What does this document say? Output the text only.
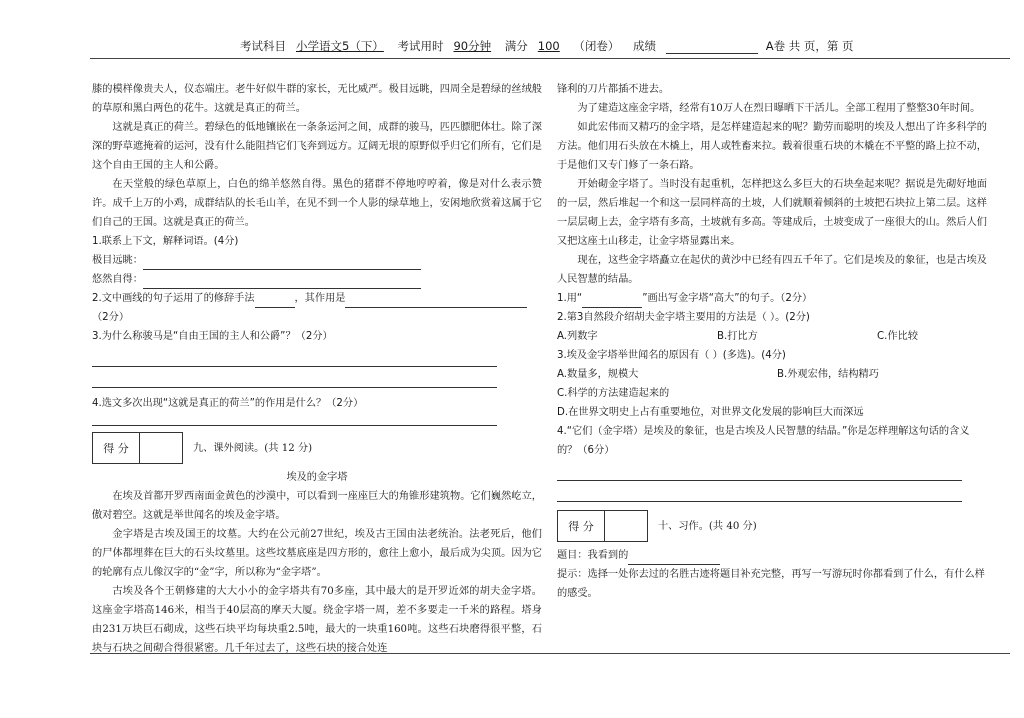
考试科目 小学语文5（下） 考试用时 90分钟 满分 100 （闭卷） 成绩	A卷 共 页，第 页

膝的模样像贵夫人，仪态端庄。老牛好似牛群的家长，无比威严。极目远眺，四周全是碧绿的丝绒般的草原和黑白两色的花牛。这就是真正的荷兰。

这就是真正的荷兰。碧绿色的低地镶嵌在一条条运河之间，成群的骏马，匹匹膘肥体壮。除了深深的野草遮掩着的运河，没有什么能阻挡它们飞奔到远方。辽阔无垠的原野似乎归它们所有，它们是这个自由王国的主人和公爵。

在天堂般的绿色草原上，白色的绵羊悠然自得。黑色的猪群不停地哼哼着，像是对什么表示赞许。成千上万的小鸡，成群结队的长毛山羊，在见不到一个人影的绿草地上，安闲地欣赏着这属于它们自己的王国。这就是真正的荷兰。

1.联系上下文，解释词语。(4分)

极目远眺：

悠然自得：

2.文中画线的句子运用了的修辞手法	，其作用是

（2分）

3.为什么称骏马是“自由王国的主人和公爵”？（2分）

4.选文多次出现“这就是真正的荷兰”的作用是什么？（2分）

得 分		九、课外阅读。(共 12 分)

埃及的金字塔

在埃及首都开罗西南面金黄色的沙漠中，可以看到一座座巨大的角锥形建筑物。它们巍然屹立，傲对碧空。这就是举世闻名的埃及金字塔。

金字塔是古埃及国王的坟墓。大约在公元前27世纪，埃及古王国由法老统治。法老死后，他们的尸体都埋葬在巨大的石头坟墓里。这些坟墓底座是四方形的，愈往上愈小，最后成为尖顶。因为它的轮廓有点儿像汉字的“金”字，所以称为“金字塔”。

古埃及各个王朝修建的大大小小的金字塔共有70多座，其中最大的是开罗近郊的胡夫金字塔。这座金字塔高146米，相当于40层高的摩天大厦。绕金字塔一周，差不多要走一千米的路程。塔身由231万块巨石砌成，这些石块平均每块重2.5吨，最大的一块重160吨。这些石块磨得很平整，石块与石块之间砌合得很紧密。几千年过去了，这些石块的接合处连

锋利的刀片都插不进去。

为了建造这座金字塔，经常有10万人在烈日曝晒下干活儿。全部工程用了整整30年时间。

如此宏伟而又精巧的金字塔，是怎样建造起来的呢？勤劳而聪明的埃及人想出了许多科学的方法。他们用石头放在木橇上，用人或牲畜来拉。载着很重石块的木橇在不平整的路上拉不动，于是他们又专门修了一条石路。

开始砌金字塔了。当时没有起重机，怎样把这么多巨大的石块垒起来呢？据说是先砌好地面的一层，然后堆起一个和这一层同样高的土坡，人们就顺着倾斜的土坡把石块拉上第二层。这样一层层砌上去，金字塔有多高，土坡就有多高。等建成后，土坡变成了一座很大的山。然后人们又把这座土山移走，让金字塔显露出来。

现在，这些金字塔矗立在起伏的黄沙中已经有四五千年了。它们是埃及的象征，也是古埃及人民智慧的结晶。

1.用“	”画出写金字塔“高大”的句子。（2分）

2.第3自然段介绍胡夫金字塔主要用的方法是（ ）。(2分)

A.列数字	B.打比方	C.作比较

3.埃及金字塔举世闻名的原因有（ ）(多选)。(4分)

A.数量多，规模大	B.外观宏伟，结构精巧

C.科学的方法建造起来的

D.在世界文明史上占有重要地位，对世界文化发展的影响巨大而深远

4.“它们（金字塔）是埃及的象征，也是古埃及人民智慧的结晶。”你是怎样理解这句话的含义的？（6分）

得 分		十、习作。(共 40 分)

题目：我看到的

提示：选择一处你去过的名胜古迹将题目补充完整，再写一写游玩时你都看到了什么，有什么样的感受。
